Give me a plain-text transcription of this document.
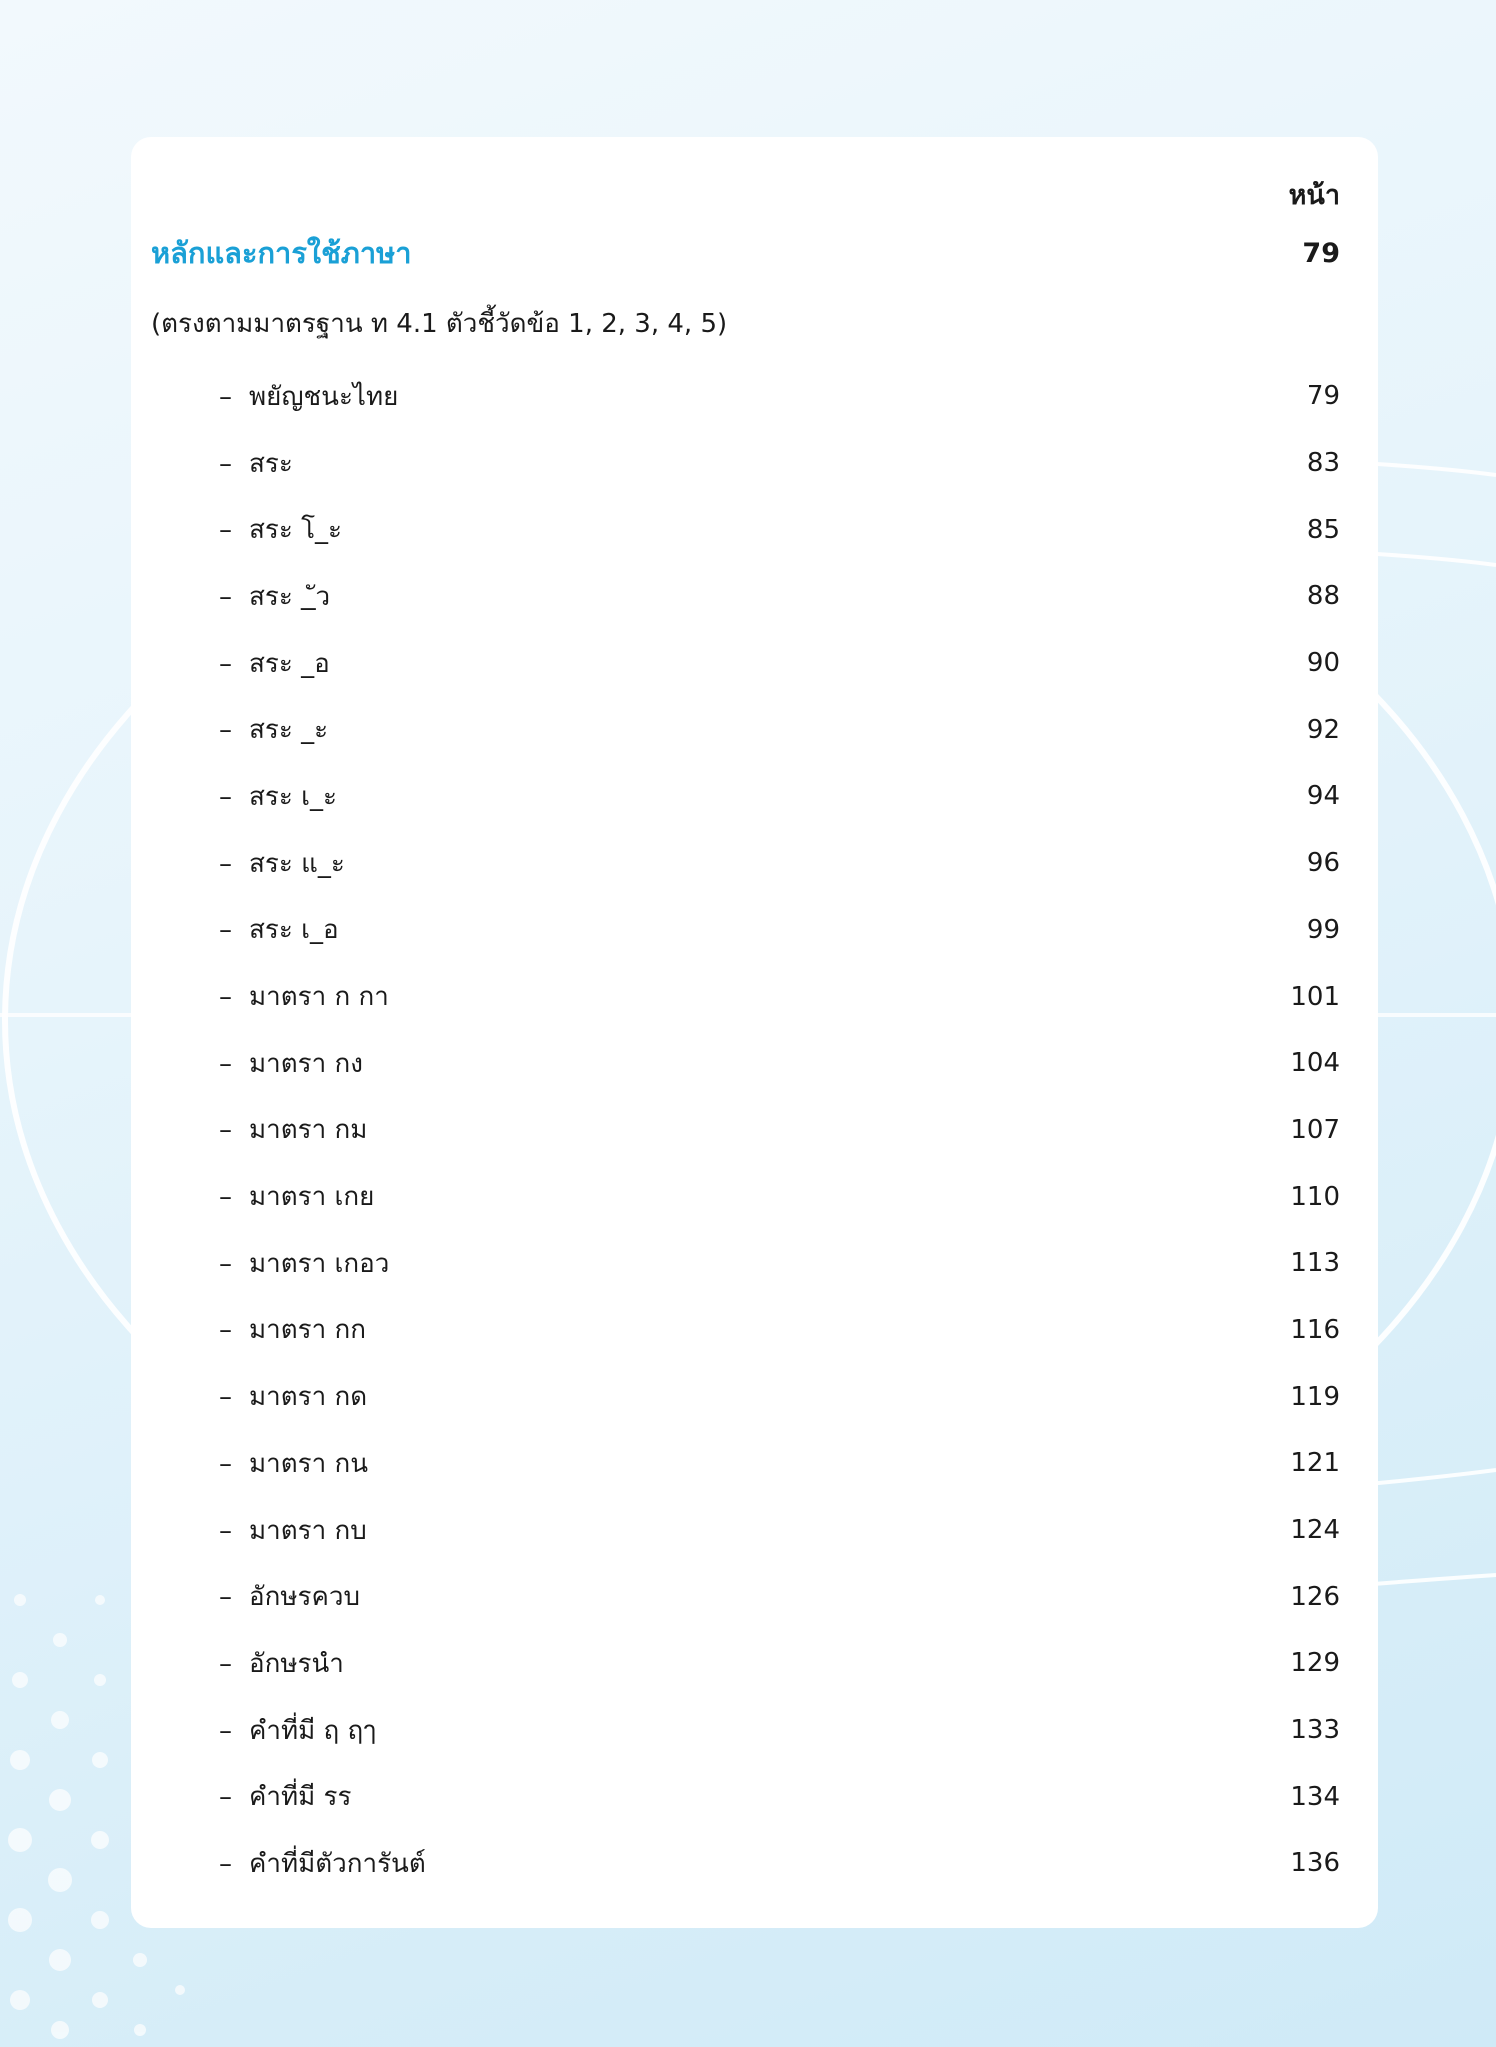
หน้า
หลักและการใช้ภาษา	79
(ตรงตามมาตรฐาน ท 4.1 ตัวชี้วัดข้อ 1, 2, 3, 4, 5)
– พยัญชนะไทย	79
– สระ	83
– สระ โ_ะ	85
– สระ _ัว	88
– สระ _อ	90
– สระ _ะ	92
– สระ เ_ะ	94
– สระ แ_ะ	96
– สระ เ_อ	99
– มาตรา ก กา	101
– มาตรา กง	104
– มาตรา กม	107
– มาตรา เกย	110
– มาตรา เกอว	113
– มาตรา กก	116
– มาตรา กด	119
– มาตรา กน	121
– มาตรา กบ	124
– อักษรควบ	126
– อักษรนำ	129
– คำที่มี ฤ ฤๅ	133
– คำที่มี รร	134
– คำที่มีตัวการันต์	136
